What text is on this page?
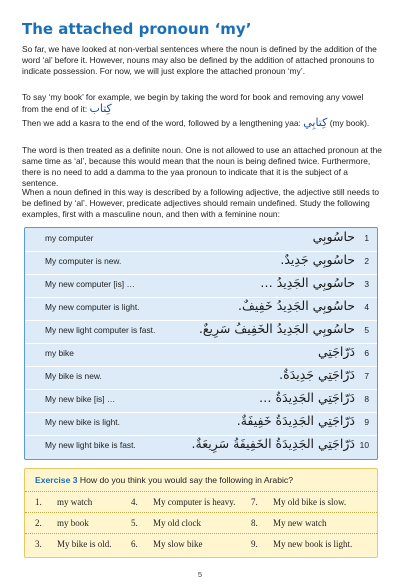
The attached pronoun ‘my’
So far, we have looked at non-verbal sentences where the noun is defined by the addition of the word ‘al’ before it. However, nouns may also be defined by the addition of attached pronouns to indicate possession. For now, we will just explore the attached pronoun ‘my’.
To say ‘my book’ for example, we begin by taking the word for book and removing any vowel from the end of it: كِتاب
Then we add a kasra to the end of the word, followed by a lengthening yaa: كِتابِي (my book).
The word is then treated as a definite noun. One is not allowed to use an attached pronoun at the same time as ‘al’, because this would mean that the noun is being defined twice. Furthermore, there is no need to add a damma to the yaa pronoun to indicate that it is the subject of a sentence.
When a noun defined in this way is described by a following adjective, the adjective still needs to be defined by ‘al’. However, predicate adjectives should remain undefined. Study the following examples, first with a masculine noun, and then with a feminine noun:
my computer	حاسُوبِي 1
My computer is new.	حاسُوبِي جَدِيدٌ. 2
My new computer [is] …	حاسُوبِي الجَدِيدُ … 3
My new computer is light.	حاسُوبِي الجَدِيدُ خَفِيفٌ. 4
My new light computer is fast.	حاسُوبِي الجَدِيدُ الخَفِيفُ سَرِيعٌ. 5
my bike	دَرّاجَتِي 6
My bike is new.	دَرّاجَتِي جَدِيدَةٌ. 7
My new bike [is] …	دَرّاجَتِي الجَدِيدَةُ … 8
My new bike is light.	دَرّاجَتِي الجَدِيدَةُ خَفِيفَةٌ. 9
My new light bike is fast.	دَرّاجَتِي الجَدِيدَةُ الخَفِيفَةُ سَرِيعَةٌ. 10
Exercise 3 How do you think you would say the following in Arabic?
1. my watch	4. My computer is heavy. 7. My old bike is slow.
2. my book	5. My old clock	8. My new watch
3. My bike is old. 6. My slow bike	9. My new book is light.
5
